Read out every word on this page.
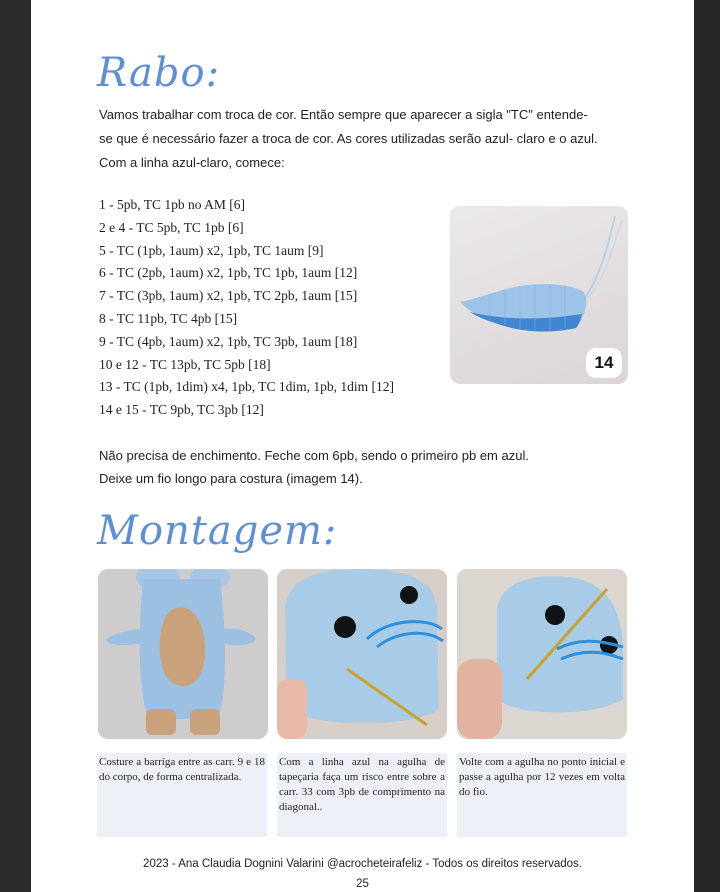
Rabo:

Vamos trabalhar com troca de cor. Então sempre que aparecer a sigla "TC" entende-

se que é necessário fazer a troca de cor. As cores utilizadas serão azul- claro e o azul.

Com a linha azul-claro, comece:

1 - 5pb, TC 1pb no AM [6]
2 e 4 - TC 5pb, TC 1pb [6]
5 - TC (1pb, 1aum) x2, 1pb, TC 1aum [9]
6 - TC (2pb, 1aum) x2, 1pb, TC 1pb, 1aum [12]
7 - TC (3pb, 1aum) x2, 1pb, TC 2pb, 1aum [15]
8 - TC 11pb, TC 4pb [15]
9 - TC (4pb, 1aum) x2, 1pb, TC 3pb, 1aum [18]
10 e 12 - TC 13pb, TC 5pb [18]
13 - TC (1pb, 1dim) x4, 1pb, TC 1dim, 1pb, 1dim [12]
14 e 15 - TC 9pb, TC 3pb [12]
14

Não precisa de enchimento. Feche com 6pb, sendo o primeiro pb em azul.

Deixe um fio longo para costura (imagem 14).

Montagem:
Costure a barriga entre as carr. 9 e 18 do corpo, de forma centralizada.
Com a linha azul na agulha de tapeçaria faça um risco entre sobre a carr. 33 com 3pb de comprimento na diagonal..
Volte com a agulha no ponto inicial e passe a agulha por 12 vezes em volta do fio.
2023 - Ana Claudia Dognini Valarini @acrocheteirafeliz - Todos os direitos reservados.
25
